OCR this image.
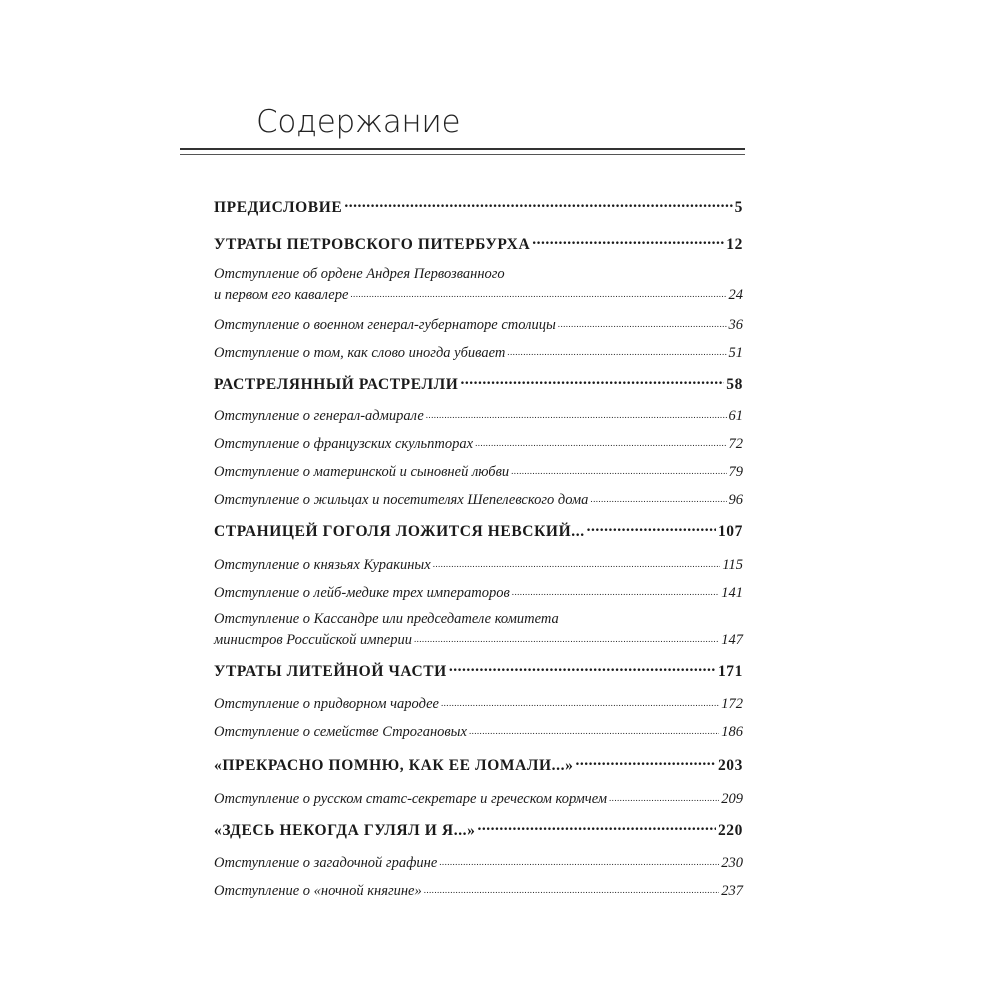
Содержание
ПРЕДИСЛОВИЕ .....	5
УТРАТЫ ПЕТРОВСКОГО ПИТЕРБУРХА .....	12
Отступление об ордене Андрея Первозванного
и первом его кавалере .....	24
Отступление о военном генерал-губернаторе столицы .....	36
Отступление о том, как слово иногда убивает .....	51
РАСТРЕЛЯННЫЙ РАСТРЕЛЛИ .....	58
Отступление о генерал-адмирале .....	61
Отступление о французских скульпторах .....	72
Отступление о материнской и сыновней любви .....	79
Отступление о жильцах и посетителях Шепелевского дома .....	96
СТРАНИЦЕЙ ГОГОЛЯ ЛОЖИТСЯ НЕВСКИЙ... .....	107
Отступление о князьях Куракиных .....	115
Отступление о лейб-медике трех императоров .....	141
Отступление о Кассандре или председателе комитета
министров Российской империи .....	147
УТРАТЫ ЛИТЕЙНОЙ ЧАСТИ .....	171
Отступление о придворном чародее .....	172
Отступление о семействе Строгановых .....	186
«ПРЕКРАСНО ПОМНЮ, КАК ЕЕ ЛОМАЛИ...» .....	203
Отступление о русском статс-секретаре и греческом кормчем .....	209
«ЗДЕСЬ НЕКОГДА ГУЛЯЛ И Я...» .....	220
Отступление о загадочной графине .....	230
Отступление о «ночной княгине» .....	237
